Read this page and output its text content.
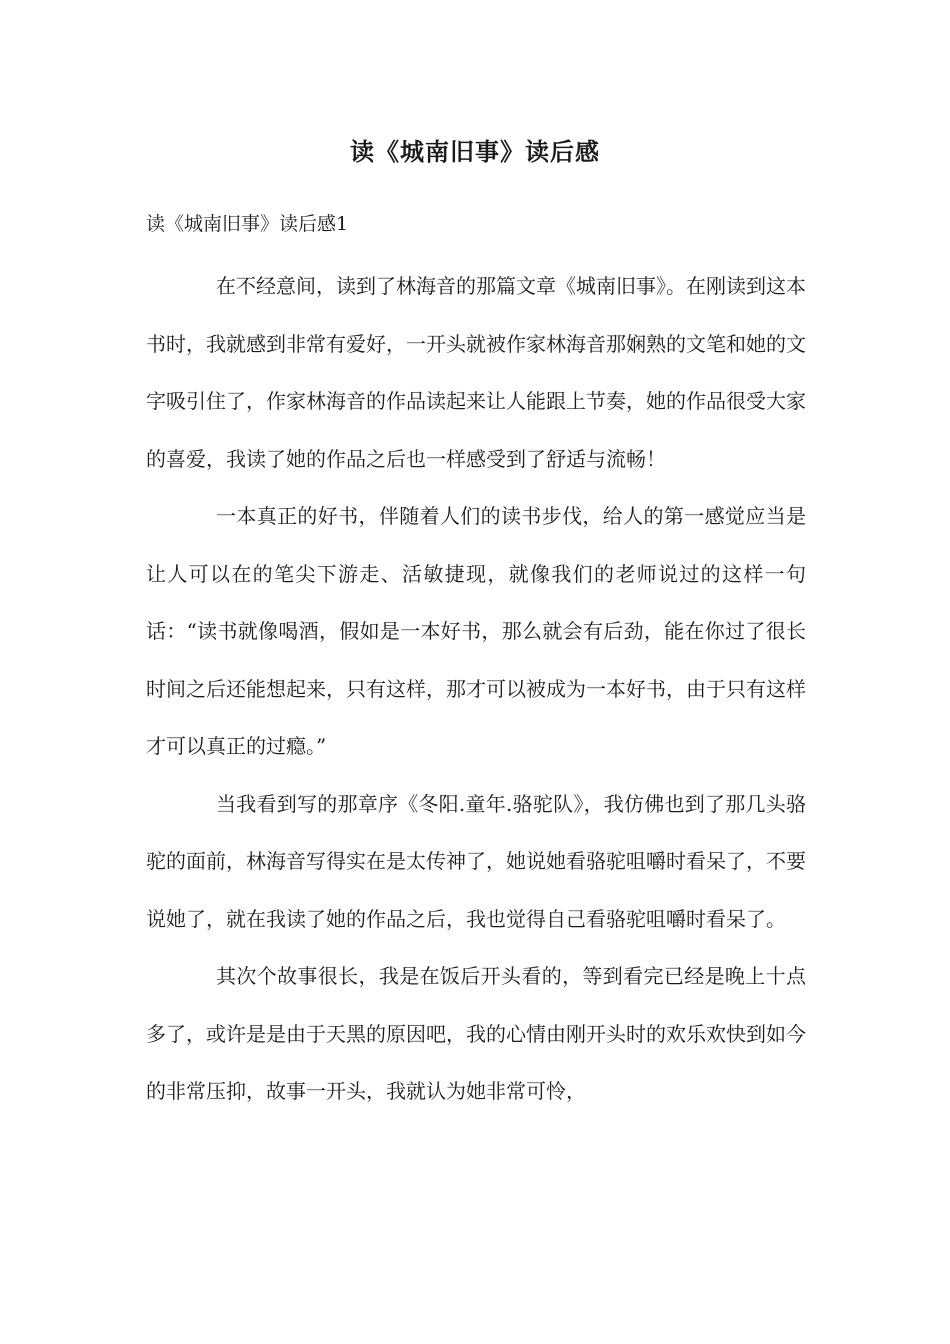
读《城南旧事》读后感
读《城南旧事》读后感1

在不经意间，读到了林海音的那篇文章《城南旧事》。在刚读到这本书时，我就感到非常有爱好，一开头就被作家林海音那娴熟的文笔和她的文字吸引住了，作家林海音的作品读起来让人能跟上节奏，她的作品很受大家的喜爱，我读了她的作品之后也一样感受到了舒适与流畅！

一本真正的好书，伴随着人们的读书步伐，给人的第一感觉应当是让人可以在的笔尖下游走、活敏捷现，就像我们的老师说过的这样一句话：“读书就像喝酒，假如是一本好书，那么就会有后劲，能在你过了很长时间之后还能想起来，只有这样，那才可以被成为一本好书，由于只有这样才可以真正的过瘾。”

当我看到写的那章序《冬阳.童年.骆驼队》，我仿佛也到了那几头骆驼的面前，林海音写得实在是太传神了，她说她看骆驼咀嚼时看呆了，不要说她了，就在我读了她的作品之后，我也觉得自己看骆驼咀嚼时看呆了。

其次个故事很长，我是在饭后开头看的，等到看完已经是晚上十点多了，或许是是由于天黑的原因吧，我的心情由刚开头时的欢乐欢快到如今的非常压抑，故事一开头，我就认为她非常可怜，
